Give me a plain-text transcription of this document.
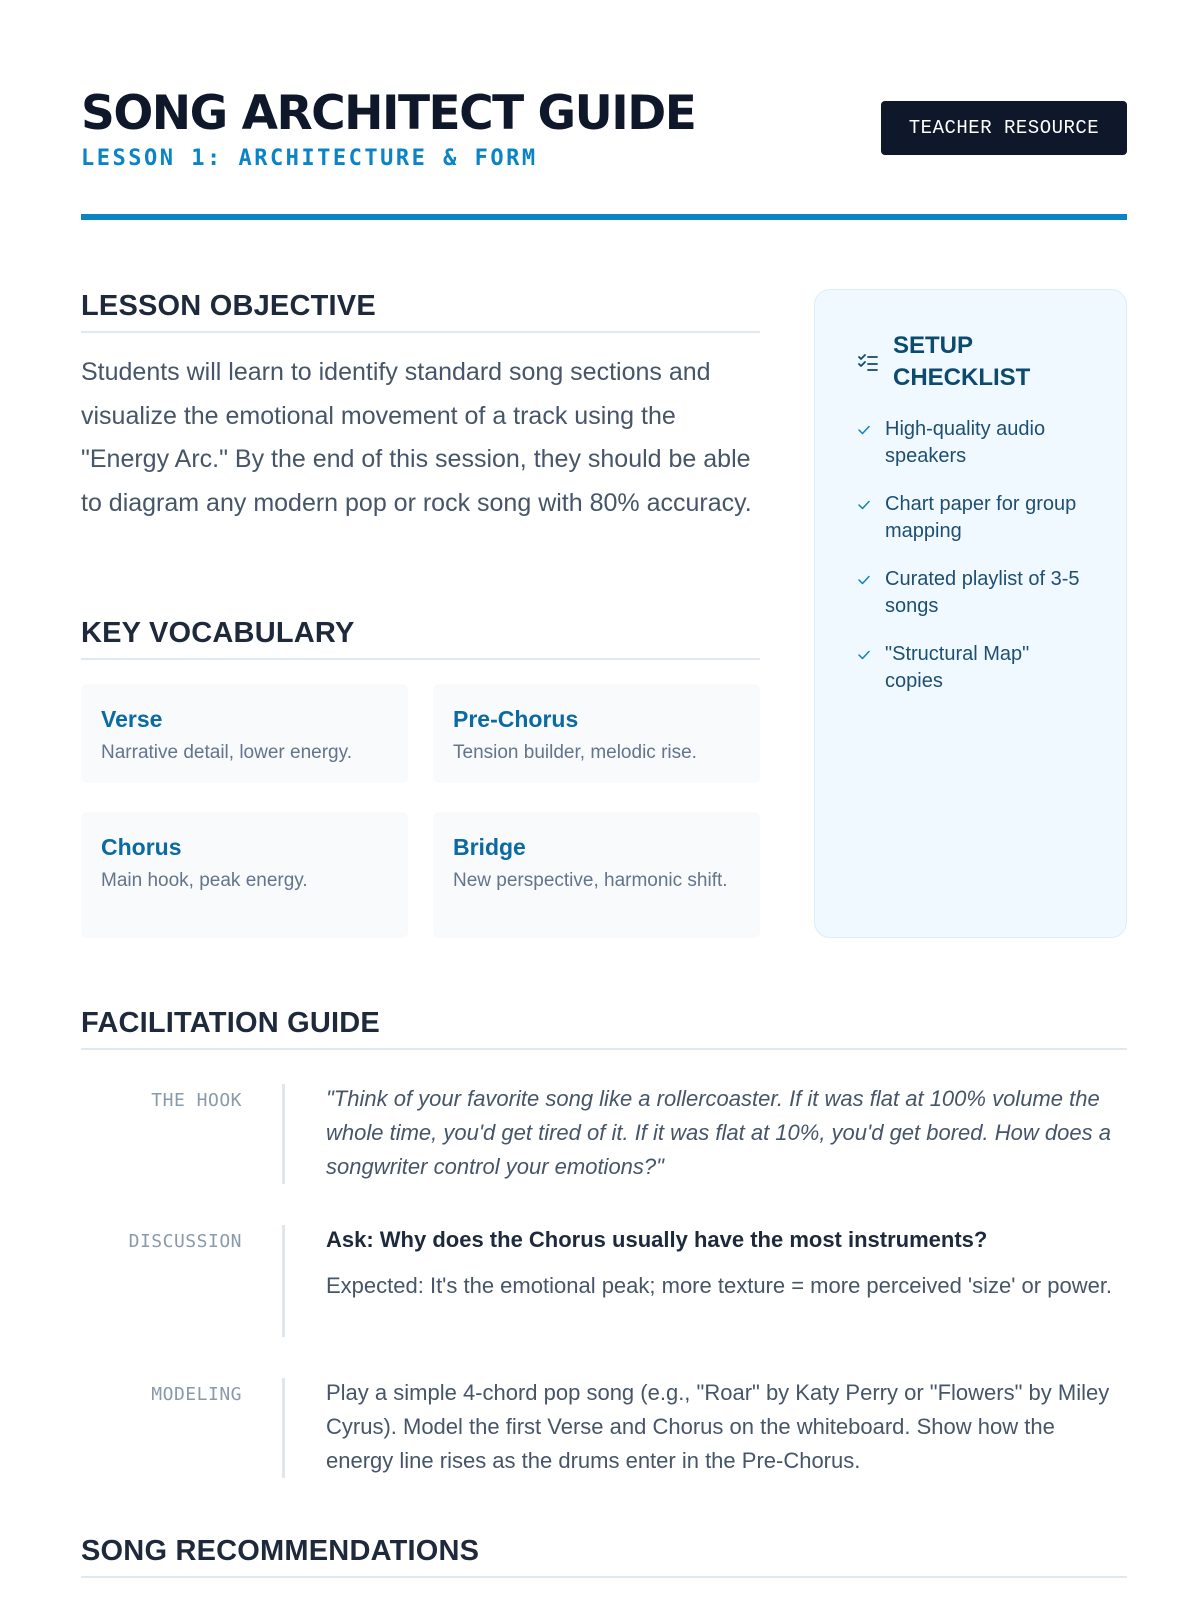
SONG ARCHITECT GUIDE
LESSON 1: ARCHITECTURE & FORM
TEACHER RESOURCE
LESSON OBJECTIVE

Students will learn to identify standard song sections and visualize the emotional movement of a track using the "Energy Arc." By the end of this session, they should be able to diagram any modern pop or rock song with 80% accuracy.

KEY VOCABULARY
Verse
Narrative detail, lower energy.
Pre-Chorus
Tension builder, melodic rise.
Chorus
Main hook, peak energy.
Bridge
New perspective, harmonic shift.
SETUP CHECKLIST
High-quality audio speakers
Chart paper for group mapping
Curated playlist of 3-5 songs
"Structural Map" copies
FACILITATION GUIDE
THE HOOK	"Think of your favorite song like a rollercoaster. If it was flat at 100% volume the whole time, you'd get tired of it. If it was flat at 10%, you'd get bored. How does a songwriter control your emotions?"
DISCUSSION	Ask: Why does the Chorus usually have the most instruments?
Expected: It's the emotional peak; more texture = more perceived 'size' or power.
MODELING	Play a simple 4-chord pop song (e.g., "Roar" by Katy Perry or "Flowers" by Miley Cyrus). Model the first Verse and Chorus on the whiteboard. Show how the energy line rises as the drums enter in the Pre-Chorus.
SONG RECOMMENDATIONS
